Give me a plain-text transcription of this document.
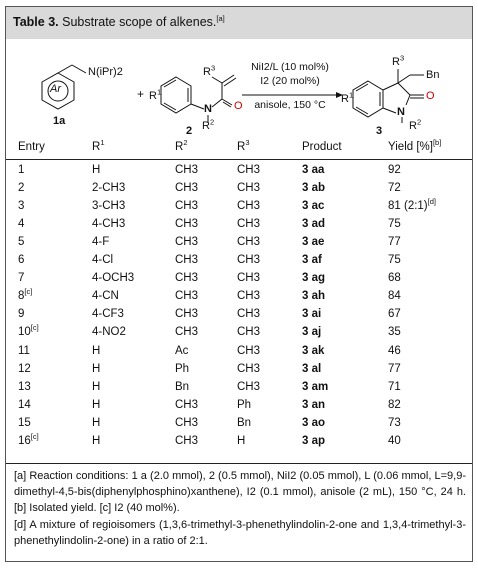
Table 3. Substrate scope of alkenes.[a]
Ar
N(iPr)2
1a
+ $R^1$
$R^3$
N O
$R^2$
2
NiI2/L (10 mol%)
I2 (20 mol%)
anisole, 150 °C	$R^1$
$R^3$
Bn
O
N
$R^2$
3
Entry	$R^1$	$R^2$	$R^3$	Product	Yield [%][b]
1	H	CH3	CH3	3 aa	92
2	2-CH3	CH3	CH3	3 ab	72
3	3-CH3	CH3	CH3	3 ac	81 (2:1)[d]
4	4-CH3	CH3	CH3	3 ad	75
5	4-F	CH3	CH3	3 ae	77
6	4-Cl	CH3	CH3	3 af	75
7	4-OCH3	CH3	CH3	3 ag	68
8[c]	4-CN	CH3	CH3	3 ah	84
9	4-CF3	CH3	CH3	3 ai	67
10[c]	4-NO2	CH3	CH3	3 aj	35
11	H	Ac	CH3	3 ak	46
12	H	Ph	CH3	3 al	77
13	H	Bn	CH3	3 am	71
14	H	CH3	Ph	3 an	82
15	H	CH3	Bn	3 ao	73
16[c]	H	CH3	H	3 ap	40

[a] Reaction conditions: 1 a (2.0 mmol), 2 (0.5 mmol), NiI2 (0.05 mmol), L (0.06 mmol, L=9,9-dimethyl-4,5-bis(diphenylphosphino)xanthene), I2 (0.1 mmol), anisole (2 mL), 150 °C, 24 h. [b] Isolated yield. [c] I2 (40 mol%).

[d] A mixture of regioisomers (1,3,6-trimethyl-3-phenethylindolin-2-one and 1,3,4-trimethyl-3-phenethylindolin-2-one) in a ratio of 2:1.
